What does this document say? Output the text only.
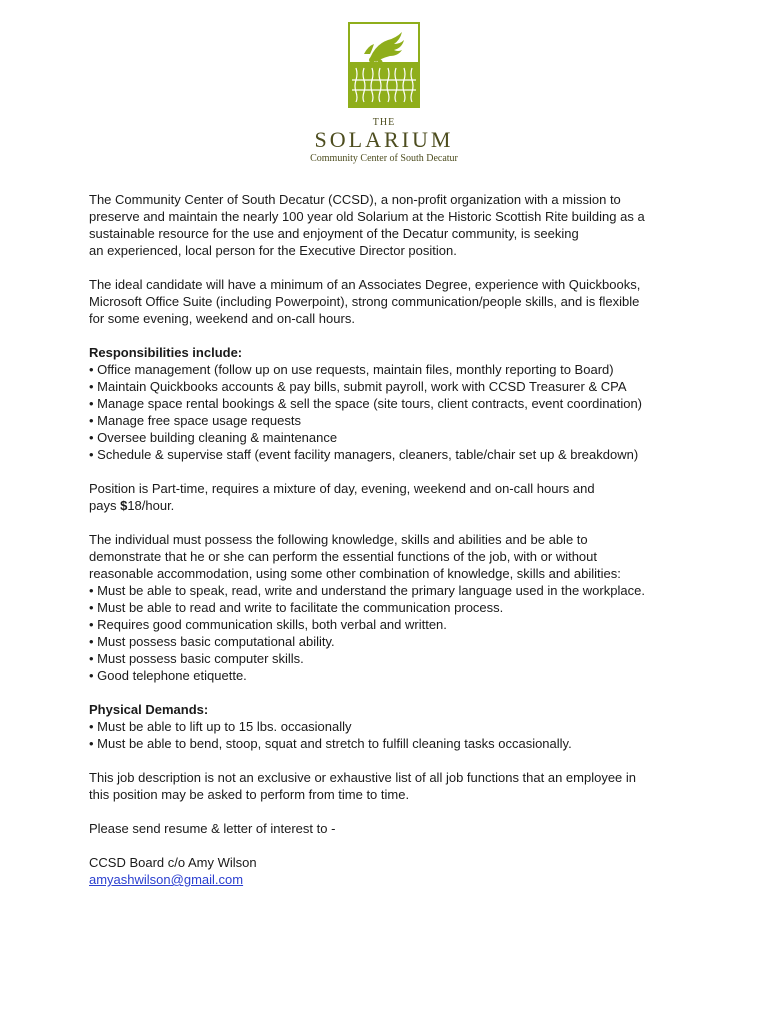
THE
SOLARIUM
Community Center of South Decatur

The Community Center of South Decatur (CCSD), a non-profit organization with a mission to

preserve and maintain the nearly 100 year old Solarium at the Historic Scottish Rite building as a

sustainable resource for the use and enjoyment of the Decatur community, is seeking

an experienced, local person for the Executive Director position.

The ideal candidate will have a minimum of an Associates Degree, experience with Quickbooks,

Microsoft Office Suite (including Powerpoint), strong communication/people skills, and is flexible

for some evening, weekend and on-call hours.

Responsibilities include:

• Office management (follow up on use requests, maintain files, monthly reporting to Board)

• Maintain Quickbooks accounts & pay bills, submit payroll, work with CCSD Treasurer & CPA

• Manage space rental bookings & sell the space (site tours, client contracts, event coordination)

• Manage free space usage requests

• Oversee building cleaning & maintenance

• Schedule & supervise staff (event facility managers, cleaners, table/chair set up & breakdown)

Position is Part-time, requires a mixture of day, evening, weekend and on-call hours and

pays $18/hour.

The individual must possess the following knowledge, skills and abilities and be able to

demonstrate that he or she can perform the essential functions of the job, with or without

reasonable accommodation, using some other combination of knowledge, skills and abilities:

• Must be able to speak, read, write and understand the primary language used in the workplace.

• Must be able to read and write to facilitate the communication process.

• Requires good communication skills, both verbal and written.

• Must possess basic computational ability.

• Must possess basic computer skills.

• Good telephone etiquette.

Physical Demands:

• Must be able to lift up to 15 lbs. occasionally

• Must be able to bend, stoop, squat and stretch to fulfill cleaning tasks occasionally.

This job description is not an exclusive or exhaustive list of all job functions that an employee in

this position may be asked to perform from time to time.

Please send resume & letter of interest to -

CCSD Board c/o Amy Wilson

amyashwilson@gmail.com
